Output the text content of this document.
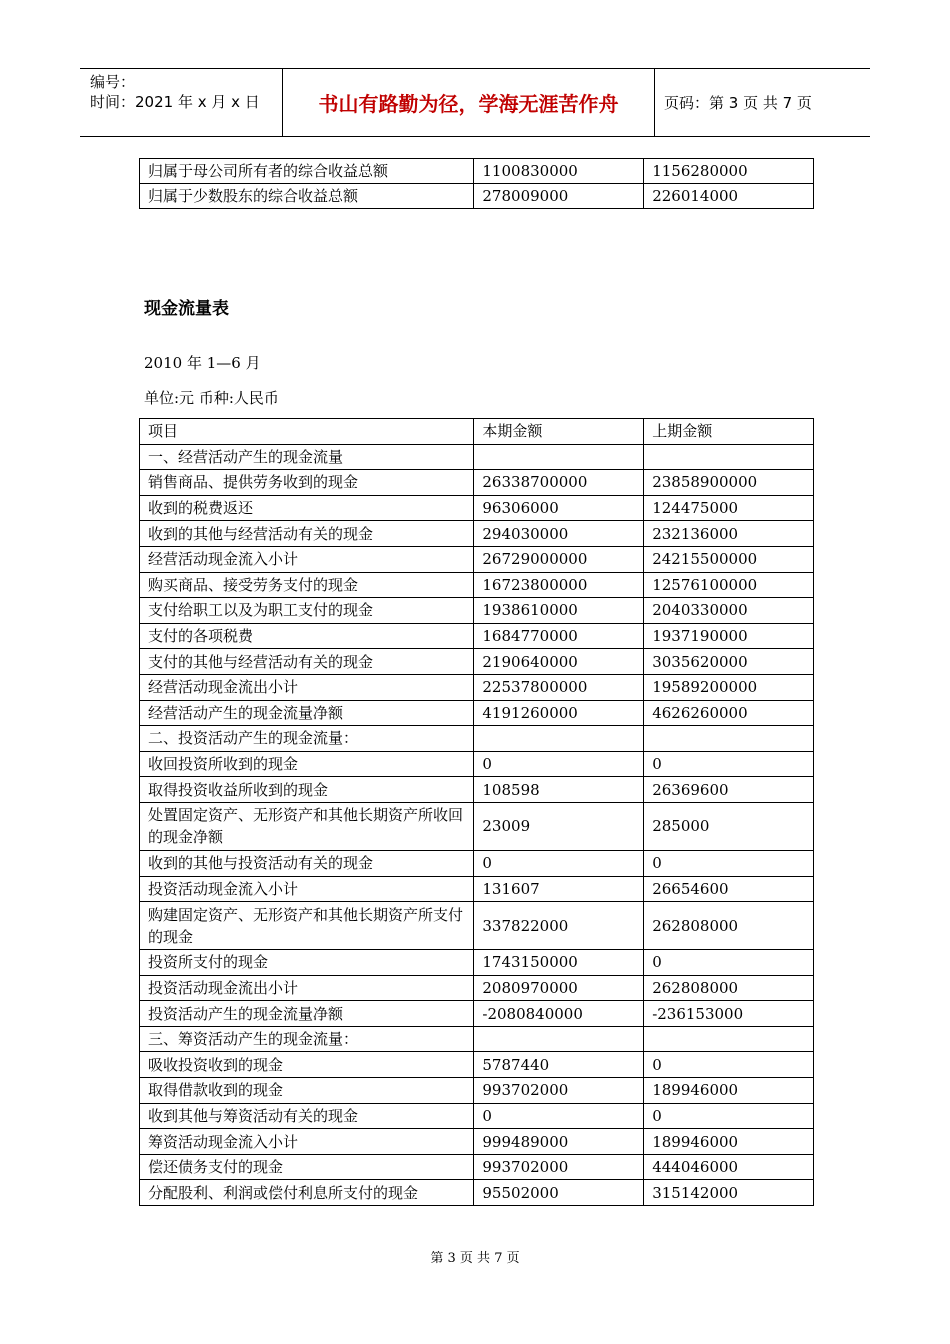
编号：
时间：2021 年 x 月 x 日	书山有路勤为径，学海无涯苦作舟	页码：第 3 页 共 7 页
归属于母公司所有者的综合收益总额	1100830000	1156280000
归属于少数股东的综合收益总额	278009000	226014000
现金流量表
2010 年 1—6 月
单位:元 币种:人民币
项目	本期金额	上期金额
一、经营活动产生的现金流量		
销售商品、提供劳务收到的现金	26338700000	23858900000
收到的税费返还	96306000	124475000
收到的其他与经营活动有关的现金	294030000	232136000
经营活动现金流入小计	26729000000	24215500000
购买商品、接受劳务支付的现金	16723800000	12576100000
支付给职工以及为职工支付的现金	1938610000	2040330000
支付的各项税费	1684770000	1937190000
支付的其他与经营活动有关的现金	2190640000	3035620000
经营活动现金流出小计	22537800000	19589200000
经营活动产生的现金流量净额	4191260000	4626260000
二、投资活动产生的现金流量：		
收回投资所收到的现金	0	0
取得投资收益所收到的现金	108598	26369600
处置固定资产、无形资产和其他长期资产所收回的现金净额	23009	285000
收到的其他与投资活动有关的现金	0	0
投资活动现金流入小计	131607	26654600
购建固定资产、无形资产和其他长期资产所支付的现金	337822000	262808000
投资所支付的现金	1743150000	0
投资活动现金流出小计	2080970000	262808000
投资活动产生的现金流量净额	-2080840000	-236153000
三、筹资活动产生的现金流量：		
吸收投资收到的现金	5787440	0
取得借款收到的现金	993702000	189946000
收到其他与筹资活动有关的现金	0	0
筹资活动现金流入小计	999489000	189946000
偿还债务支付的现金	993702000	444046000
分配股利、利润或偿付利息所支付的现金	95502000	315142000
第 3 页 共 7 页
